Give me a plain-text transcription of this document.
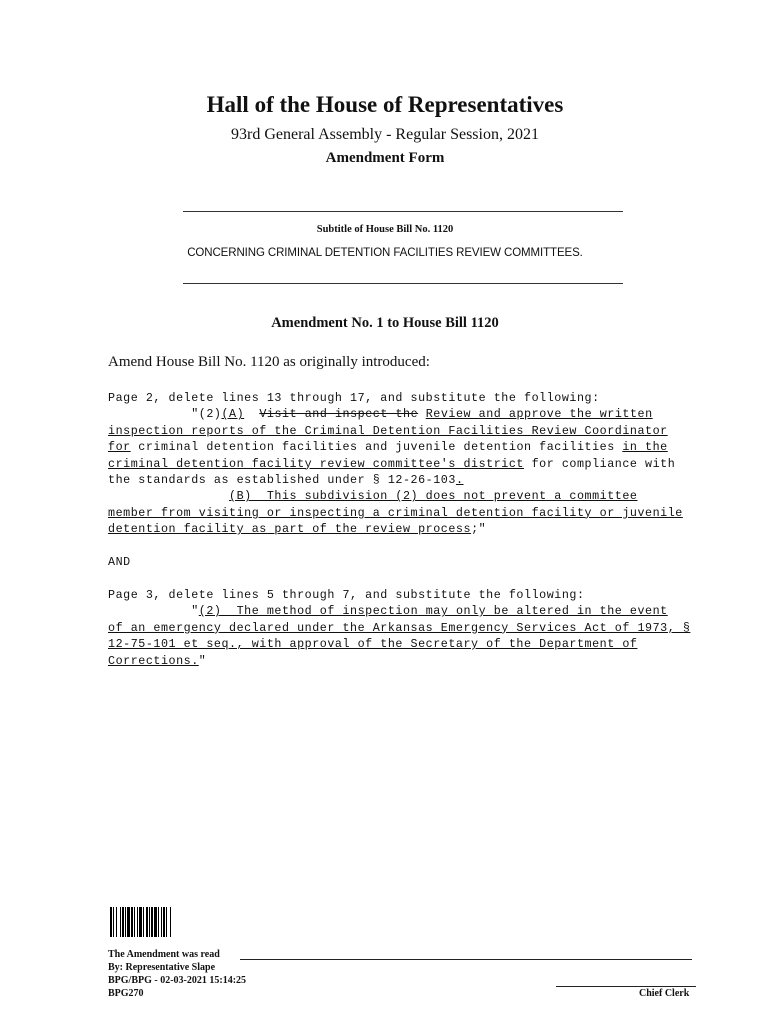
Hall of the House of Representatives
93rd General Assembly - Regular Session, 2021
Amendment Form
Subtitle of House Bill No. 1120
CONCERNING CRIMINAL DETENTION FACILITIES REVIEW COMMITTEES.
Amendment No. 1 to House Bill 1120
Amend House Bill No. 1120 as originally introduced:
Page 2, delete lines 13 through 17, and substitute the following:
"(2)(A) Visit and inspect the Review and approve the written
inspection reports of the Criminal Detention Facilities Review Coordinator
for criminal detention facilities and juvenile detention facilities in the
criminal detention facility review committee's district for compliance with
the standards as established under § 12-26-103.
(B)  This subdivision (2) does not prevent a committee
member from visiting or inspecting a criminal detention facility or juvenile
detention facility as part of the review process;"
AND
Page 3, delete lines 5 through 7, and substitute the following:
"(2)  The method of inspection may only be altered in the event
of an emergency declared under the Arkansas Emergency Services Act of 1973, §
12-75-101 et seq., with approval of the Secretary of the Department of
Corrections."
The Amendment was read
By: Representative Slape
BPG/BPG - 02-03-2021 15:14:25
BPG270	Chief Clerk
